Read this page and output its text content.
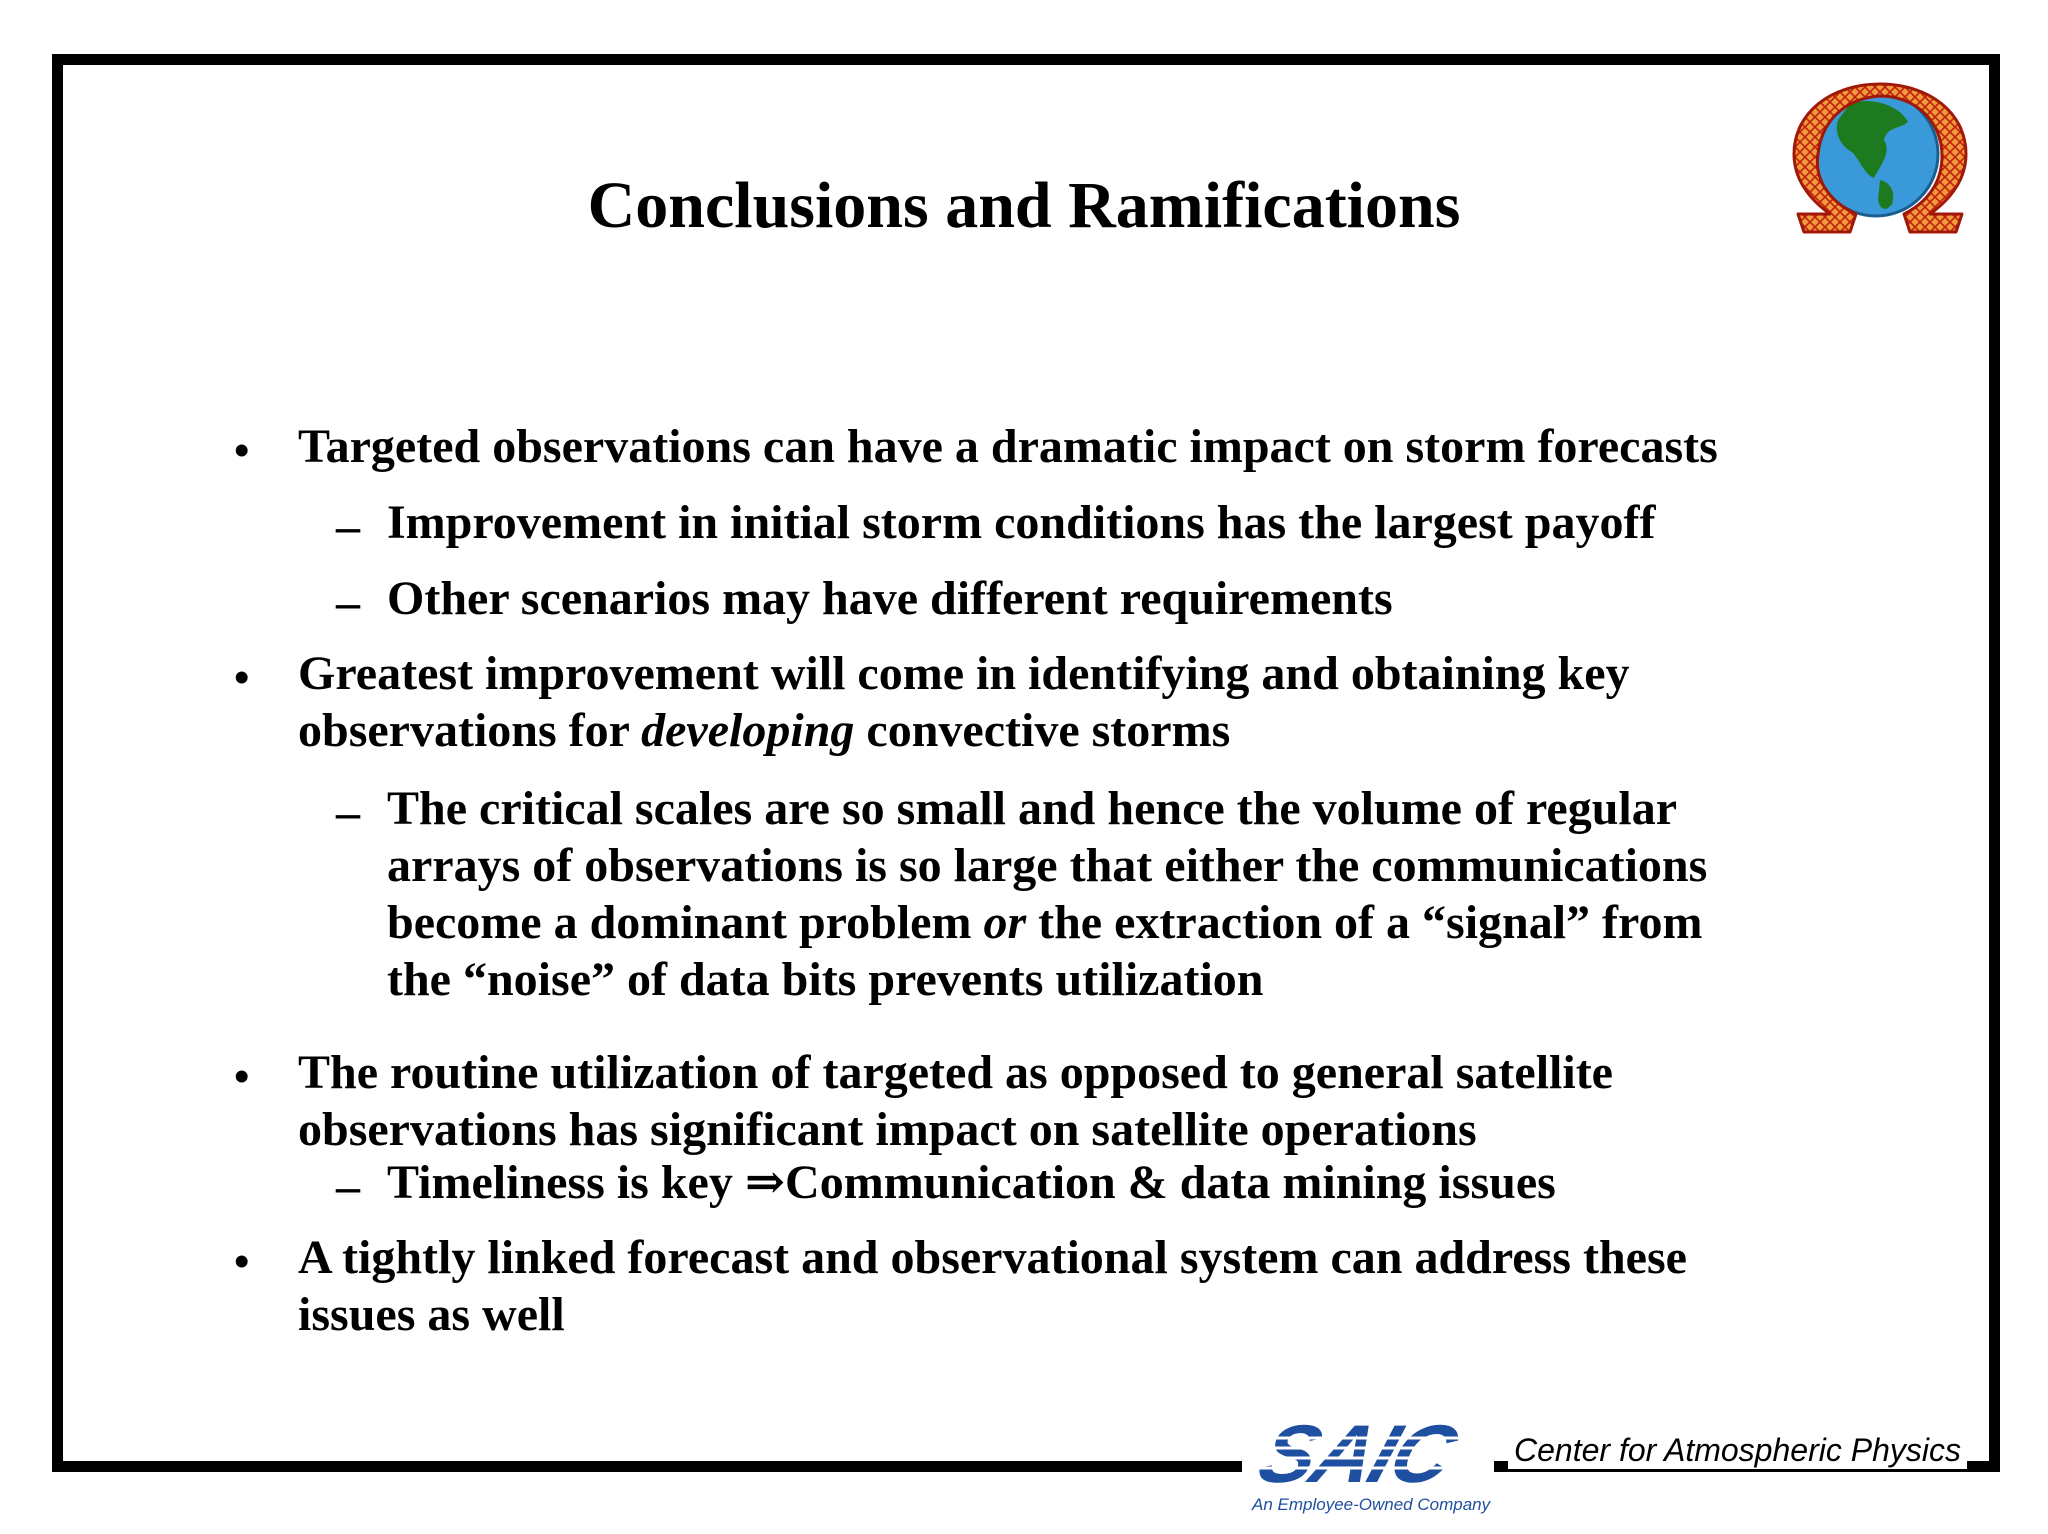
Conclusions and Ramifications
• Targeted observations can have a dramatic impact on storm forecasts
– Improvement in initial storm conditions has the largest payoff
– Other scenarios may have different requirements
• Greatest improvement will come in identifying and obtaining key
observations for developing convective storms
– The critical scales are so small and hence the volume of regular
arrays of observations is so large that either the communications
become a dominant problem or the extraction of a “signal” from
the “noise” of data bits prevents utilization
• The routine utilization of targeted as opposed to general satellite
observations has significant impact on satellite operations
– Timeliness is key ⇒Communication & data mining issues
• A tightly linked forecast and observational system can address these
issues as well
SAIC
An Employee-Owned Company
Center for Atmospheric Physics
